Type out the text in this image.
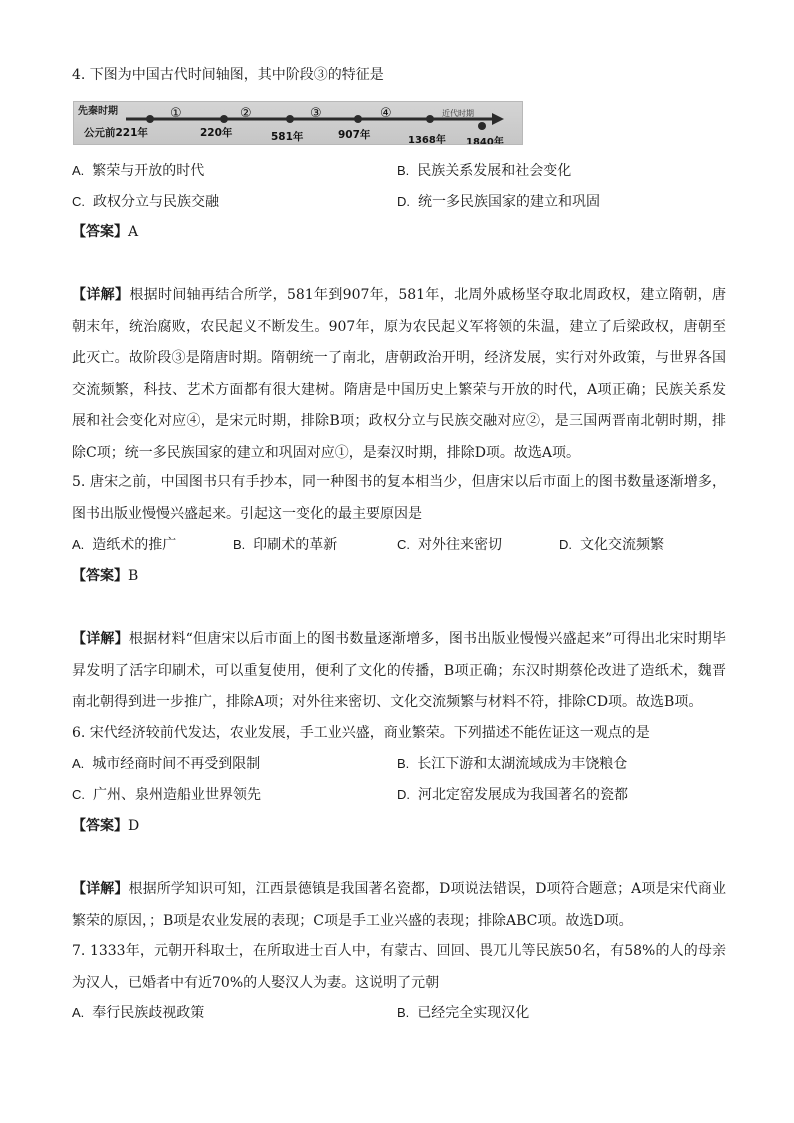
4. 下图为中国古代时间轴图，其中阶段③的特征是
先秦时期	①	②	③	④	近代时期
公元前221年	220年	581年	907年	1368年 1840年
A. 繁荣与开放的时代	B. 民族关系发展和社会变化
C. 政权分立与民族交融	D. 统一多民族国家的建立和巩固
【答案】A
【详解】根据时间轴再结合所学，581年到907年，581年，北周外戚杨坚夺取北周政权，建立隋朝，唐朝末年，统治腐败，农民起义不断发生。907年，原为农民起义军将领的朱温，建立了后梁政权，唐朝至此灭亡。故阶段③是隋唐时期。隋朝统一了南北，唐朝政治开明，经济发展，实行对外政策，与世界各国交流频繁，科技、艺术方面都有很大建树。隋唐是中国历史上繁荣与开放的时代，A项正确；民族关系发展和社会变化对应④，是宋元时期，排除B项；政权分立与民族交融对应②，是三国两晋南北朝时期，排除C项；统一多民族国家的建立和巩固对应①，是秦汉时期，排除D项。故选A项。
5. 唐宋之前，中国图书只有手抄本，同一种图书的复本相当少，但唐宋以后市面上的图书数量逐渐增多，图书出版业慢慢兴盛起来。引起这一变化的最主要原因是
A. 造纸术的推广	B. 印刷术的革新	C. 对外往来密切	D. 文化交流频繁
【答案】B
【详解】根据材料“但唐宋以后市面上的图书数量逐渐增多，图书出版业慢慢兴盛起来”可得出北宋时期毕昇发明了活字印刷术，可以重复使用，便利了文化的传播，B项正确；东汉时期蔡伦改进了造纸术，魏晋南北朝得到进一步推广，排除A项；对外往来密切、文化交流频繁与材料不符，排除CD项。故选B项。
6. 宋代经济较前代发达，农业发展，手工业兴盛，商业繁荣。下列描述不能佐证这一观点的是
A. 城市经商时间不再受到限制	B. 长江下游和太湖流域成为丰饶粮仓
C. 广州、泉州造船业世界领先	D. 河北定窑发展成为我国著名的瓷都
【答案】D
【详解】根据所学知识可知，江西景德镇是我国著名瓷都，D项说法错误，D项符合题意；A项是宋代商业繁荣的原因，；B项是农业发展的表现；C项是手工业兴盛的表现；排除ABC项。故选D项。
7. 1333年，元朝开科取士，在所取进士百人中，有蒙古、回回、畏兀儿等民族50名，有58%的人的母亲为汉人，已婚者中有近70%的人娶汉人为妻。这说明了元朝
A. 奉行民族歧视政策	B. 已经完全实现汉化
